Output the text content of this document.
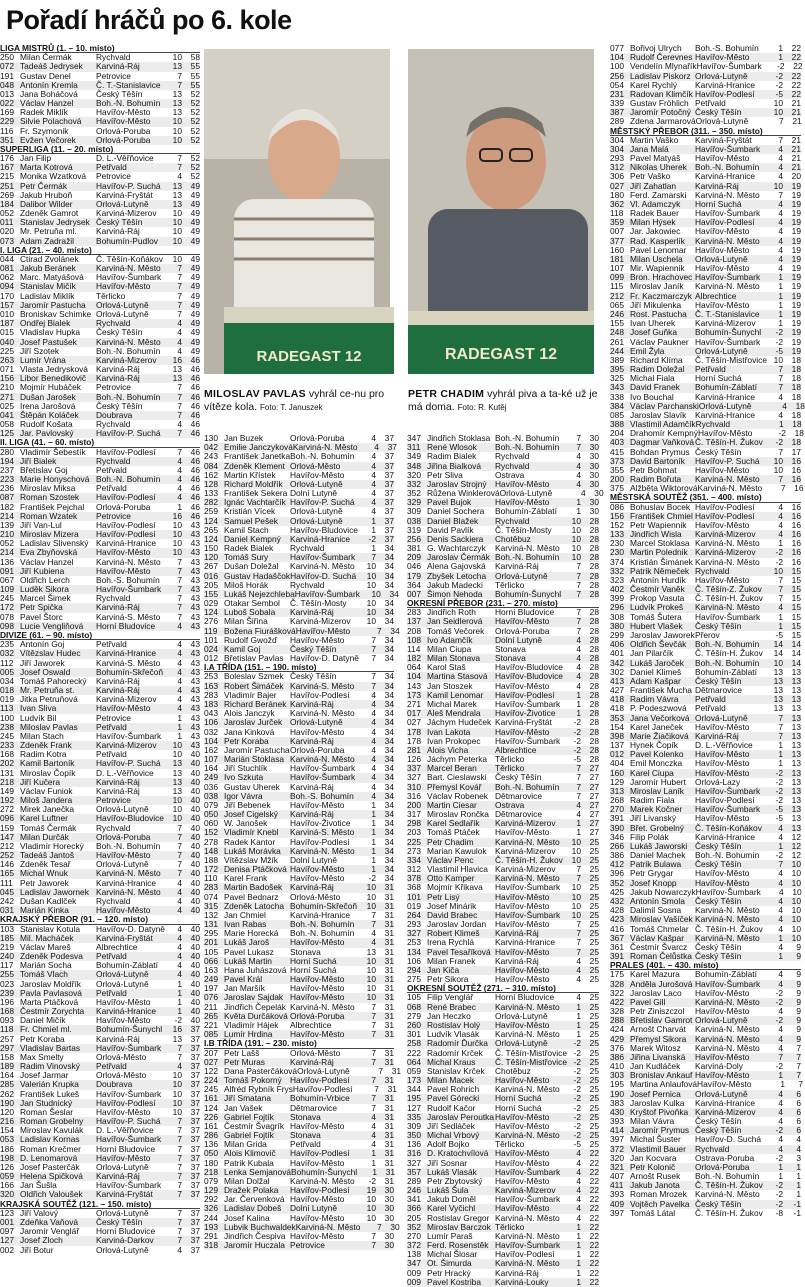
Pořadí hráčů po 6. kole
LIGA MISTRŮ (1. – 10. místo)
250 Milan Čermák	Rychvald	10	58
072 Tadeáš Jedrysek	Karviná-Ráj	13	55
191 Gustav Denel	Petrovice	7	55
048 Antonín Kremla	Č. T.-Stanislavice	7	55
013 Jana Boháčová	Český Těšín	13	52
022 Václav Hanzel	Boh.-N. Bohumín	13	52
169 Radek Miklík	Havířov-Město	13	52
229 Silvie Polachová	Havířov-Město	10	52
116 Fr. Szymonik	Orlová-Poruba	10	52
351 Evžen Večorek	Orlová-Poruba	10	52
SUPERLIGA (11. – 20. místo)
176 Jan Filip	D. L.-Věřňovice	7	52
167 Marta Kotrová	Petřvald	7	52
215 Monika Wzatková	Petrovice	4	52
251 Petr Čermák	Havířov-P. Suchá	13	49
269 Jakub Hruboň	Karviná-Fryštát	13	49
184 Dalibor Wilder	Orlová-Lutyně	13	49
052 Zdeněk Gamrot	Karviná-Mizerov	10	49
011 Stanislav Jedrysek Český Těšín	10	49
020 Mr. Petruňa ml.	Karviná-Ráj	10	49
073 Adam Zadražil	Bohumín-Pudlov	10	49
I. LIGA (21. – 40. místo)
044 Ctirad Zvolánek	Č. Těšín-Koňákov	10	49
081 Jakub Beránek	Karviná-N. Město	7	49
062 Marc. Matyášová	Havířov-Šumbark	7	49
094 Stanislav Mičík	Havířov-Město	7	49
170 Ladislav Miklík	Těrlicko	7	49
157 Jaromír Pastucha	Orlová-Lutyně	7	49
010 Broniskav Schimke Orlová-Lutyně	7	49
187 Ondřej Bialek	Rychvald	4	49
015 Vladislav Hupka	Český Těšín	4	49
040 Josef Pastušek	Karviná-N. Město	4	49
225 Jiří Szotek	Boh.-N. Bohumín	4	49
263 Lumír Vrána	Karviná-Mizerov	16	46
071 Vlasta Jedrysková Karviná-Ráj	13	46
156 Libor Benedikovič	Karviná-Ráj	13	46
210 Mojmír Hubáček	Petrovice	7	46
271 Dušan Jarošek	Boh.-N. Bohumín	7	46
025 Irena Jarošová	Český Těšín	7	46
041 Štěpán Koláček	Doubrava	7	46
058 Rudolf Košata	Rychvald	4	46
125 Jar. Pavlovský	Havířov-P. Suchá	7	46
II. LIGA (41. – 60. místo)
280 Vladimír Šebestík	Havířov-Podlesí	7	46
194 Jiří Bialek	Rychvald	4	46
237 Břetislav Goj	Petřvald	4	46
223 Marie Honyschová Boh.-N. Bohumín	4	46
236 Miroslav Miksa	Petřvald	4	46
087 Roman Szostek	Havířov-Podlesí	4	46
182 František Pejchal	Orlová-Poruba	1	46
214 Roman Wzatek	Petrovice	16	46
139 Jiří Van-Lul	Havířov-Podlesí	10	43
210 Miroslav Mizera	Havířov-Podlesí	10	43
052 Ladislav Slivenský Karviná-Hranice	10	43
214 Eva Zbyňovská	Havířov-Město	10	43
136 Václav Hanzel	Karviná-N. Město	7	43
091 Jiří Kubiena	Havířov-Město	7	43
067 Oldřich Lerch	Boh.-S. Bohumín	7	43
109 Luděk Sikora	Havířov-Šumbark	7	43
245 Marcel Šimek	Rychvald	7	43
172 Petr Spička	Karviná-Ráj	7	43
078 Pavel Štorc	Karviná-S. Město	7	43
098 Lucie Vengliňová	Horní Bludovice	4	43
DIVIZE (61. – 90. místo)
235 Antonín Goj	Petřvald	4	43
032 Vítězslav Hudec	Karviná-Hranice	4	43
112 Jiří Jaworek	Karviná-S. Město	4	43
005 Josef Oswald	Bohumín-Skřečoň	4	43
034 Tomáš Pahorecký	Karviná-Ráj	4	43
018 Mr. Petruňa st.	Karviná-Ráj	4	43
019 Jitka Petruňová	Karviná-Mizerov	4	43
113 Ivan Sliva	Havířov-Město	4	43
100 Ludvík Bil	Petrovice	1	43
238 Miloslav Pavlas	Petřvald	1	43
245 Milan Stach	Havířov-Šumbark	1	43
233 Zdeněk Frank	Karviná-Mizerov	10	43
168 Radim Kotra	Petřvald	10	40
202 Kamil Bartoník	Havířov-P. Suchá	13	40
131 Miroslav Čopík	D. L.-Věřňovice	13	40
218 Jiří Kučera	Karviná-Ráj	13	40
149 Václav Funiok	Karviná-Ráj	13	40
192 Miloš Jandera	Petrovice	10	40
272 Mirek Janečka	Orlová-Lutyně	10	40
096 Karel Luftner	Havířov-Bludovice	10	40
159 Tomáš Čermák	Rychvald	7	40
147 Milan Durčák	Orlová-Poruba	7	40
212 Vladimír Horecký	Boh.-N. Bohumín	7	40
252 Tadeáš Jantoš	Havířov-Město	7	40
146 Zdeněk Tesař	Orlová-Lutyně	7	40
165 Michal Wnuk	Karviná-N. Město	7	40
111 Petr Jaworek	Karviná-Hranice	4	40
045 Ladislav Jawornek Karviná-N. Město	4	40
242 Dušan Kadlček	Rychvald	4	40
031 Marián Kinka	Havířov-Město	4	40
KRAJSKÝ PŘEBOR (91. – 120. místo)
103 Stanislav Kotula	Havířov-D. Datyně	4	40
185 Mil. Macháček	Karviná-Fryštát	4	40
219 Václav Mareš	Albrechtice	4	40
240 Zdeněk Podesva	Petřvald	4	40
117 Marián Socha	Bohumín-Záblatí	4	40
255 Tomáš Vlach	Orlová-Lutyně	4	40
023 Jaroslav Moldřík	Orlová-Lutyně	1	40
239 Pavla Pavlasová	Petřvald	1	40
196 Marta Ptáčková	Havířov-Město	1	40
168 Čestmír Zorychta	Karviná-Hranice	1	40
093 Daniel Mičík	Havířov-Město	-2	40
118 Fr. Chmiel ml.	Bohumín-Šunychl	16	37
257 Petr Koraba	Karviná-Ráj	13	37
297 Vladislav Bartas	Havířov-Šumbark	7	37
158 Max Smelty	Orlová-Město	7	37
189 Radim Vinovský	Petřvald	4	37
164 Josef Jarmar	Orlová-Město	10	37
285 Valerián Krupka	Doubrava	10	37
262 František Lukeš	Havířov-Šumbark	10	37
190 Jan Studnický	Havířov-Podlesí	10	37
120 Roman Šeslar	Havířov-Město	10	37
216 Roman Grobelny	Havířov-P. Suchá	7	37
154 Miroslav Kavulák	D. L.-Věřňovice	7	37
053 Ladislav Kornas	Havířov-Šumbark	7	37
186 Roman Krečmer	Horní Bludovice	7	37
198 D. Lenomarová	Havířov-Město	7	37
126 Josef Pasterčák	Orlová-Lutyně	7	37
059 Helena Spičková	Karviná-Ráj	7	37
166 Jan Šušla	Havířov-Šumbark	7	37
320 Oldřich Valoušek	Karviná-Fryštát	7	37
KRAJSKÁ SOUTĚŽ (121. – 150. místo)
123 Jiří Valový	Orlová-Lutyně	7	37
001 Zdeňka Vaňová	Český Těšín	7	37
097 Jaromír Venglář	Horní Bludovice	7	37
127 Josef Zloch	Karviná-Darkov	7	37
002 Jiří Botur	Orlová-Lutyně	4	37
RADEGAST 12
MILOSLAV PAVLAS vyhrál ce-nu pro vítěze kola. Foto: T. Januszek
RADEGAST 12
PETR CHADIM vyhrál piva a ta-ké už je má doma. Foto: R. Kutěj
130 Jan Buzek	Orlová-Poruba	4	37
042 Emilie Janczyková Karviná-N. Město	4	37
243 František Janetka Boh.-N. Bohumín	4	37
084 Zdeněk Klement Orlová-Město	4	37
162 Martin Křístek	Havířov-Město	4	37
128 Richard Moldřík Orlová-Lutyně	4	37
133 František Sekera Dolní Lutyně	4	37
282 Ignác Vachtarčík Havířov-P. Suchá	4	37
259 Kristián Vícek	Orlová-Lutyně	4	37
124 Samuel Pešek	Orlová-Lutyně	1	37
265 Kamil Stach	Havířov-Bludovice	1	37
124 Daniel Kempný	Karviná-Hranice	-2	37
150 Radek Bialek	Rychvald	1	34
120 Tomáš Sury	Havířov-Šumbark	7	34
267 Dušan Doležal	Karviná-N. Město	10	34
016 Gustav Hadaščok Havířov-D. Suchá	10	34
205 Miloš Horák	Rychvald	10	34
155 Lukáš Nejezchleba Havířov-Šumbark	10	34
029 Otakar Sembol	Č. Těšín-Mosty	10	34
124 Luboš Sobala	Karviná-Ráj	10	34
276 Milan Šiřina	Karviná-Mizerov	10	34
119 Božena Fiurášková Havířov-Město	7	34
101 Rudolf Gwožď	Havířov-Město	7	34
024 Kamil Goj	Český Těšín	7	34
012 Břetislav Pavlas Havířov-D. Datyně	7	34
I.A TŘÍDA (151. – 190. místo)
253 Boleslav Szmek Český Těšín	7	34
163 Robert Šimáček Karviná-S. Město	7	34
283 Vladimír Bajer	Havířov-Podlesí	4	34
183 Richard Beránek Karviná-Ráj	4	34
043 Alois Janczyk	Karviná-N. Město	4	34
106 Jaroslav Jurček Orlová-Lutyně	4	34
032 Jana Kinková	Havířov-Město	4	34
104 Petr Koraba	Karviná-Ráj	4	34
162 Jaromír Pastucha Orlová-Poruba	4	34
107 Marián Stoklasa Karviná-N. Město	4	34
164 Jiří Stuchlík	Havířov-Šumbark	4	34
249 Ivo Szkuta	Havířov-Šumbark	4	34
036 Gustav Uherek	Karviná-Ráj	4	34
038 Igor Vávra	Boh.-S. Bohumín	4	34
079 Jiří Bebenek	Havířov-Město	1	34
050 Josef Cigelský	Karviná-Ráj	1	34
060 W. Janošek	Havířov-Životice	1	34
152 Vladimír Knebl	Karviná-S. Město	1	34
278 Radek Kantor	Havířov-Podlesí	1	34
148 Lukáš Morávka	Karviná-N. Město	1	34
188 Vítězslav Mžík	Dolní Lutyně	1	34
172 Denisa Ptáčková Havířov-Město	1	34
110 Karel Frank	Havířov-Město	-2	34
283 Martin Badošek Karviná-Ráj	10	31
074 Pavel Bednarz	Orlová-Město	10	31
315 Zdeněk Latocha Bohumín-Skřečoň	10	31
132 Jan Chmiel	Karviná-Hranice	7	31
131 Ivan Rabas	Boh.-N. Bohumín	7	31
295 Marie Horecká	Boh.-N. Bohumín	4	31
201 Lukáš Jaroš	Havířov-Město	4	31
105 Pavel Lukasz	Stonava	13	31
066 Lukáš Martin	Horní Suchá	10	31
163 Hana Juhászová Horní Suchá	10	31
249 Pavel Král	Havířov-Město	10	31
197 Jan Maršík	Havířov-Město	10	31
076 Jaroslav Sajdak Havířov-Město	10	31
211 Jindřich Čepelák Karviná-N. Město	7	31
265 Květa Durčáková Orlová-Poruba	7	31
221 Vladimír Hájek	Albrechtice	7	31
085 Lumír Hrdina	Havířov-Město	7	31
I.B TŘÍDA (191. – 230. místo)
207 Petr Lašš	Orlová-Město	7	31
027 Petr Muras	Karviná-Ráj	7	31
122 Dana Pasterčáková Orlová-Lutyně	7	31
224 Tomáš Pokorný Havířov-Podlesí	7	31
245 Alfréd Rybník Frys Havířov-Podlesí	7	31
161 Jiří Smatana	Bohumín-Vrbice	7	31
124 Jan Vašek	Dětmarovice	7	31
226 Gabriel Fojtík	Stonava	4	31
161 Čestmír Švagrík Havířov-Město	4	31
286 Gabriel Fojtík	Stonava	4	31
136 Milan Grida	Petřvald	4	31
050 Alois Klimovič	Havířov-Podlesí	1	31
180 Patrik Kubala	Havířov-Město	1	31
218 Lenka Semjanová Bohumín-Šunychl	1	31
079 Milan Dolžal	Karviná-N. Město	-2	31
129 Dražek Polaka	Havířov-Podlesí	19	30
292 Jar. Červenková Havířov-Město	10	30
326 Ladislav Dobeš	Dolní Lutyně	10	30
244 Josef Kalina	Havířov-Město	10	30
193 Lubvik Buchwaldek Karviná-N. Město	7	30
291 Jindřich Čespiva Havířov-Město	7	30
318 Jaromír Huczala Petrovice	7	30
347 Jindřich Stoklasa Boh.-N. Bohumín	7	30
311 René Wlosok	Boh.-N. Bohumín	7	30
349 Radim Bialek	Rychvald	4	30
348 Jiřina Bialková	Rychvald	4	30
320 Petr Sliva	Ostrava	4	30
332 Jaroslav Strojný	Havířov-Město	4	30
352 Růžena Winklerová Orlová-Lutyně	4	30
329 Pavel Bujok	Havířov-Město	1	30
309 Daniel Sochera	Bohumín-Záblatí	1	30
038 Daniel Blažek	Rychvald	10	28
319 David Pavlík	Č. Těšín-Mosty	10	28
256 Denis Sackiera	Chotěbuz	10	28
381 G. Wachtarczyk	Karviná-N. Město	10	28
209 Jaroslav Čermák Boh.-N. Bohumín	10	28
046 Alena Gajovská	Karviná-Ráj	7	28
179 Zbyšek Letocha	Orlová-Lutyně	7	28
364 Jakub Madecki	Těrlicko	7	28
007 Šimon Nehoda	Bohumín-Šunychl	7	28
OKRESNÍ PŘEBOR (231. – 270. místo)
283 Jindřich Roth	Horní Bludovice	7	28
137 Jan Seidlerová	Havířov-Město	7	28
208 Tomáš Večorek	Orlová-Poruba	7	28
108 Ivo Adamčík	Dolní Lutyně	4	28
114 Milan Ciupa	Stonava	4	28
182 Milan Stonava	Stonava	4	28
064 Karol Staš	Havířov-Bludovice	4	28
104 Martina Stasová Havířov-Bludovice	4	28
143 Jan Stoszek	Havířov-Město	4	28
173 Kamil Lenomar	Havířov-Podlesí	1	28
271 Michal Marek	Havířov-Šumbark	1	28
017 Aleš Mendrala	Havířov-Životice	1	28
027 Jáchym Hudeček Karviná-Fryštát	-2	28
178 Ivan Lakota	Havířov-Město	-2	28
178 Ivan Prokopec	Havířov-Šumbark	-2	28
281 Alois Vicha	Albrechtice	-2	28
126 Jáchym Peterka Těrlicko	-5	28
337 Marcel Beran	Těrlicko	7	27
327 Bart. Cieslawski	Český Těšín	7	27
310 Přemysl Kovář	Boh.-N. Bohumín	7	27
316 Václav Robenek Dětmarovice	7	27
200 Martin Ciesar	Ostrava	4	27
317 Miroslav Rončka Dětmarovice	4	27
298 Karel Sedlařík	Karviná-Mizerov	1	27
203 Tomáš Ptáček	Havířov-Město	1	27
225 Petr Chadim	Karviná-N. Město	10	25
273 Marian Kawulok	Karviná-Mizerov	10	25
334 Václav Penc	Č. Těšín-H. Žukov	10	25
312 Vlastimil Hlavica Karviná-Mizerov	7	25
378 Otto Kamper	Karviná-N. Město	7	25
368 Mojmír Křikava	Havířov-Šumbark	10	25
101 Petr Lisý	Havířov-Město	10	25
019 Josef Minárik	Havířov-Město	10	25
264 David Brabec	Havířov-Šumbark	10	25
293 Jaroslav Jordan	Havířov-Město	7	25
327 Robert Klimeš	Karviná-Ráj	7	25
253 Irena Rychlá	Karviná-Hranice	7	25
134 Pavel Tesaříková Havířov-Město	7	25
106 Milan Franek	Karviná-Ráj	4	25
294 Jan Kiča	Havířov-Město	4	25
275 Petr Sikora	Havířov-Město	4	25
OKRESNÍ SOUTĚŽ (271. – 310. místo)
105 Filip Venglář	Horní Bludovice	4	25
068 René Brabec	Karviná-N. Město	1	25
279 Jan Heczko	Orlová-Lutyně	1	25
260 Rostislav Holý	Havířov-Město	1	25
301 Ludvík Vlasák	Karviná-N. Město	1	25
258 Radomír Ďurčka Orlová-Lutyně	-2	25
222 Radomír Krček	Č. Těšín-Mistřovice -2	25
064 Michal Kraus	Č. Těšín-Mistřovice -2	25
059 Stanislav Krček	Chotěbuz	-2	25
173 Milan Macek	Havířov-Město	-2	25
344 Pavel Rohrich	Karviná-N. Město	-2	25
195 Pavel Górecki	Horní Suchá	-2	25
127 Rudolf Kačor	Horní Suchá	-2	25
335 Jaroslav Peroutka Havířov-Město	-2	25
309 Jiří Sedláček	Havířov-Město	-2	25
350 Michal Vrbový	Karviná-N. Město	-2	25
136 Adolf Bojko	Těrlicko	-5	25
316 D. Kratochvílová Havířov-Město	4	22
327 Jiří Sosnar	Havířov-Město	4	22
357 Lukáš Vlasák	Havířov-Šumbark	4	22
289 Petr Zbytovský	Havířov-Město	4	22
246 Lukáš Šula	Karviná-Mizerov	4	22
341 Jakub Doměl	Havířov-Šumbark	4	22
366 Karel Vyčichl	Havířov-Město	4	22
205 Rostislav Gregor Karviná-N. Město	4	22
352 Miroslav Barczok Těrlicko	1	22
270 Lumír Paraš	Karviná-N. Město	1	22
372 Ferd. Rosenstěk Havířov-Šumbark	1	22
138 Michal Šlosar	Havířov-Podlesí	1	22
347 Ot. Šimurda	Karviná-N. Město	1	22
009 Petr Hracký	Karviná-Ráj	1	22
009 Pavel Kostriba	Karviná-Louky	1	22
077 Bořivoj Ulrych	Boh.-S. Bohumín	1	22
104 Rudolf Čerevnes Havířov-Město	1	22
100 Vendelín Mlynařík Havířov-Šumbark	-2	22
256 Ladislav Piskorz Orlová-Lutyně	-2	22
054 Karel Rychlý	Karviná-Hranice	-2	22
231 Radovan Klimčík Havířov-Podlesí	-5	22
339 Gustav Fröhlich Petřvald	10	21
387 Jaromír Potočný Český Těšín	10	21
289 Zdena Jarmarová Orlová-Lutyně	7	21
MĚSTSKÝ PŘEBOR (311. – 350. místo)
304 Martin Vaško	Karviná-Fryštát	7	21
304 Jana Malá	Havířov-Šumbark	4	21
293 Pavel Matyáš	Havířov-Město	4	21
312 Nikolas Uherek Boh.-N. Bohumín	4	21
306 Petr Vaško	Karviná-Hranice	4	20
027 Jiří Zahatlan	Karviná-Ráj	10	19
180 Ferd. Zamarski	Karviná-N. Město	7	19
362 Vl. Adamczyk	Horní Suchá	4	19
118 Radek Bauer	Havířov-Šumbark	4	19
359 Milan Hýsek	Havířov-Podlesí	4	19
007 Jar. Jakowiec	Havířov-Město	4	19
377 Rad. Kasperlík	Karviná-N. Město	4	19
160 Pavel Lenomar	Havířov-Město	4	19
181 Milan Uschela	Orlová-Lutyně	4	19
107 Mir. Wapiennik	Havířov-Město	4	19
099 Bron. Hrachovec Havířov-Šumbark	1	19
115 Miroslav Janík	Karviná-N. Město	1	19
212 Fr. Kaczmarczyk Albrechtice	1	19
065 Jiří Mikulenka	Havířov-Město	1	19
246 Rost. Pastucha Č. T.-Stanislavice	1	19
155 Ivan Uherek	Karviná-Mizerov	1	19
248 Josef Guňka	Bohumín-Šunychl	-2	19
261 Václav Paukner Havířov-Šumbark	-2	19
244 Emil Žyla	Orlová-Lutyně	-5	19
389 Richard Klíma	Č. Těšín-Mistřovice 10	18
395 Radim Doležal	Petřvald	7	18
325 Michal Fiala	Horní Suchá	7	18
343 David Franek	Bohumín-Záblatí	7	18
338 Ivo Bouchal	Karviná-Hranice	4	18
384 Václav Parchanski Orlová-Lutyně	4	18
085 Jaroslav Slavík	Karviná-Hranice	4	18
388 Vlastimil Adamčík Rychvald	1	18
204 Drahomír Kempný Havířov-Město	-2	18
403 Dagmar Vaňková Č. Těšín-H. Žukov	-2	18
415 Bohdan Prymus Český Těšín	7	17
373 David Bartoník	Havířov-P. Suchá	10	16
355 Petr Bohmat	Havířov-Město	10	16
200 Radim Bořuta	Karviná-N. Město	7	16
375 Alžběta Wiktorová Karviná-N. Město	7	16
MĚSTSKÁ SOUTĚŽ (351. – 400. místo)
086 Bohuslav Bocek Havířov-Podlesí	4	16
156 František Chmiel Havířov-Podlesí	4	16
152 Petr Wapiennik	Havířov-Město	4	16
133 Jindřich Wisla	Karviná-Mizerov	4	16
230 Marcel Stoklasa Karviná-N. Město	1	16
230 Martin Polednik Karviná-Mizerov	-2	16
374 Kristián Šimánek Karviná-N. Město	-2	16
332 Patrik Němeček Rychvald	10	15
323 Antonín Hurdík	Havířov-Město	7	15
402 Čestmír Vaněk	Č. Těšín-Z. Žukov	7	15
399 Prokop Vasuta	Č. Těšín-H. Žukov	7	15
296 Ludvík Prokeš	Karviná-N. Město	4	15
308 Tomáš Šutera	Havířov-Šumbark	1	15
380 Hubert Vlašek	Český Těšín	1	15
299 Jaroslav Jaworek Přerov	-5	15
406 Oldřich Ševčák	Boh.-N. Bohumín	14	14
401 Jan Pilarčík	Č. Těšín-H. Žukov	14	14
342 Lukáš Jaroček	Boh.-N. Bohumín	10	14
302 Daniel Klimeš	Bohumín-Záblatí	13	13
413 Adam Kašpar	Český Těšín	13	13
427 František Mucha Dětmarovice	13	13
418 Radim Vávra	Petřvald	13	13
418 P. Podeszwová Petřvald	13	13
353 Jana Večorková Orlová-Lutyně	7	13
154 Karel Janeček	Havířov-Město	7	13
398 Marie Žiačiková Karviná-Ráj	7	13
137 Hynek Čopík	D. L.-Věřňovice	1	13
012 Pavel Kolenko	Havířov-Město	1	13
404 Emil Monczka	Havířov-Město	1	13
160 Karel Ciupa	Havířov-Město	-2	13
129 Jaromír Hubert	Orlová-Lazy	-2	13
313 Miroslav Laník	Havířov-Šumbark	-2	13
268 Radim Fiala	Havířov-Podlesí	-2	13
270 Marek Kočner	Havířov-Šumbark	-5	13
391 Jiří Livanský	Havířov-Město	-5	13
390 Břet. Grobelný	Č. Těšín-Koňákov	4	13
346 Filip Polák	Karviná-Hranice	4	12
266 Lukáš Jaworski Český Těšín	1	12
386 Daniel Machek	Boh.-N. Bohumín	-2	12
412 Patrik Bulawa	Český Těšín	7	10
396 Petr Grygar	Havířov-Město	4	10
352 Josef Knopp	Havířov-Město	4	10
425 Jakub Nowarczyk Havířov-Šumbark	4	10
432 Antonín Smola	Český Těšín	4	10
428 Dalimil Sosna	Karviná-N. Město	4	10
423 Miroslav Vašíček Karviná-N. Město	4	10
416 Tomáš Chmelar Č. Těšín-H. Žukov	4	10
367 Václav Kašpar	Karviná-N. Město	1	10
361 Čestmír Švarcz Český Těšín	4	9
391 Roman Čelůstka Český Těšín	1	9
PRALES (401. – 430. místo)
175 Karel Mazura	Bohumín-Záblatí	4	9
328 Anděla Jurošová Havířov-Šumbark	4	9
322 Jaroslav Laco	Havířov-Město	-2	9
422 Pavel Gill	Karviná-N. Město	-2	9
328 Petr Ziniszczol	Havířov-Město	4	9
288 Břetislav Gamrot Orlová-Lutyně	-2	9
424 Arnošt Charvát	Karviná-N. Město	4	9
429 Přemysl Sikora	Karviná-N. Město	4	9
376 Marek Witosz	Karviná-N. Město	4	7
386 Jiřina Livanská	Havířov-Město	7	7
410 Jan Kudláček	Karviná-Doly	-2	7
303 Bronislav Ankauf Havířov-Město	1	7
195 Martina Anlaufová Havířov-Město	1	7
190 Josef Pernica	Orlová-Lutyně	4	6
383 Jaroslav Kulka	Karviná-Hranice	4	6
430 Kryštof Pivoňka Karviná-Mizerov	4	6
393 Milan Vávra	Český Těšín	4	6
414 Jaromír Prymus Český Těšín	-2	6
397 Michal Šuster	Havířov-D. Suchá	4	4
372 Vlastimil Bauer	Rychvald	4	4
320 Jan Kocvara	Ostrava-Poruba	-2	3
321 Petr Kolonič	Orlová-Poruba	1	1
407 Arnošt Rusek	Boh.-N. Bohumín	1	1
411 Jakub Janota	Č. Těšín-H. Žukov	-2	1
393 Roman Mrozek Karviná-N. Město	-2	1
409 Vojtěch Pavelka Český Těšín	-2	-1
397 Tomáš Látal	Č. Těšín-H. Žukov	-8	-1
